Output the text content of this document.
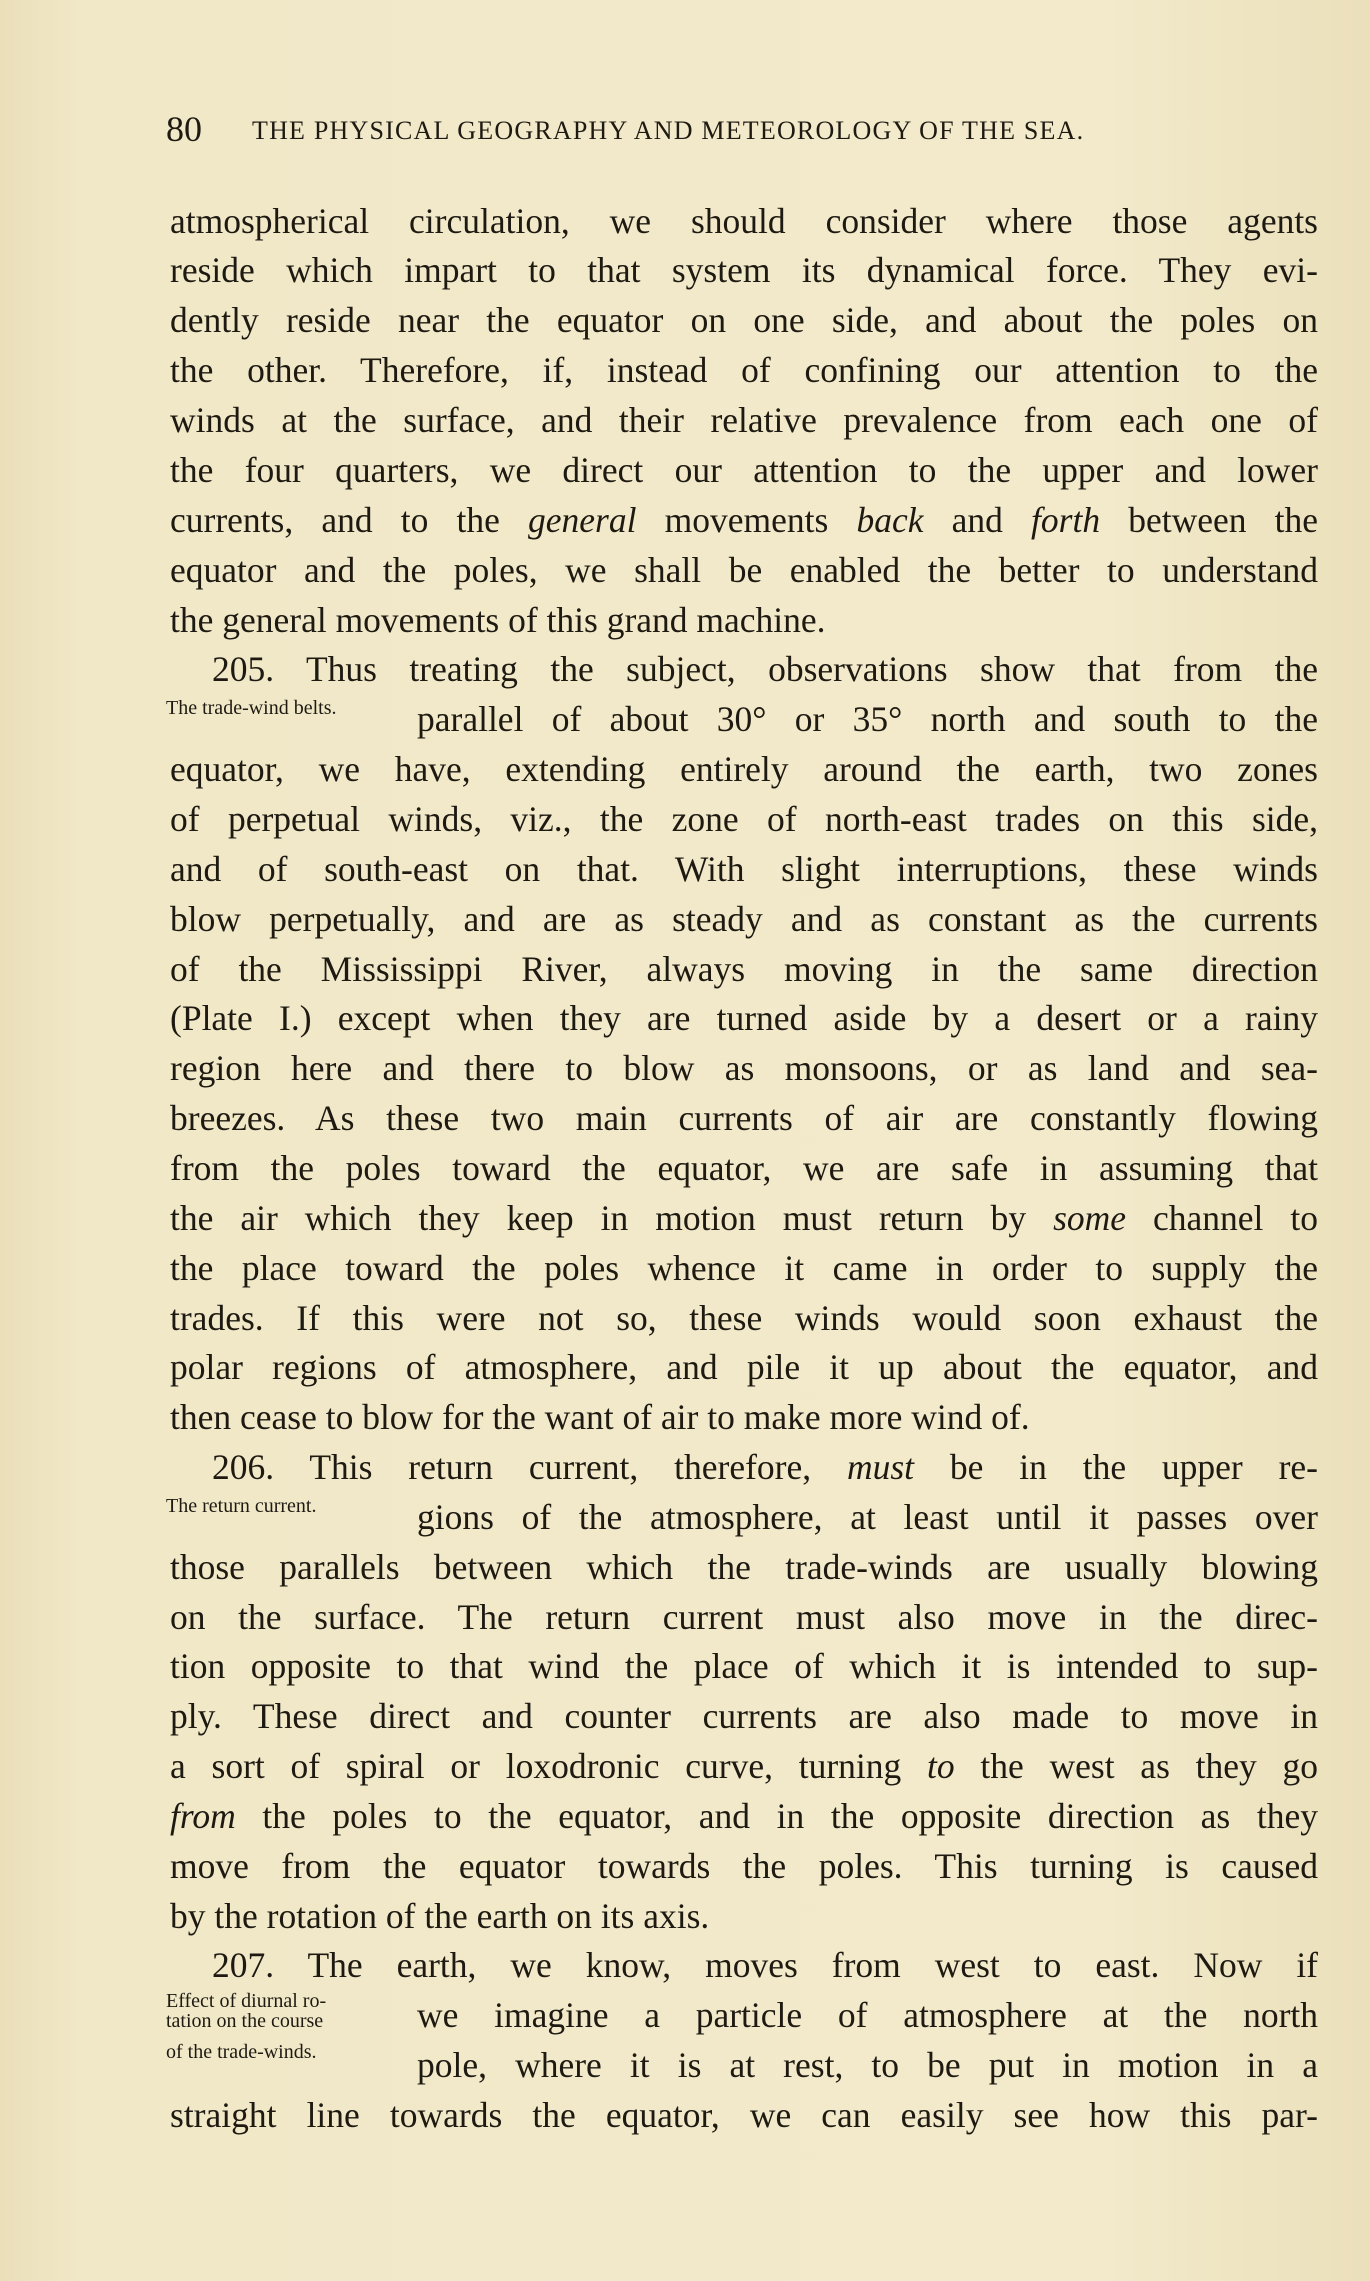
80 THE PHYSICAL GEOGRAPHY AND METEOROLOGY OF THE SEA.
atmospherical circulation, we should consider where those agents
reside which impart to that system its dynamical force. They evi-
dently reside near the equator on one side, and about the poles on
the other. Therefore, if, instead of confining our attention to the
winds at the surface, and their relative prevalence from each one of
the four quarters, we direct our attention to the upper and lower
currents, and to the general movements back and forth between the
equator and the poles, we shall be enabled the better to understand
the general movements of this grand machine.
205. Thus treating the subject, observations show that from the
The trade-wind belts.	parallel of about 30° or 35° north and south to the
equator, we have, extending entirely around the earth, two zones
of perpetual winds, viz., the zone of north-east trades on this side,
and of south-east on that. With slight interruptions, these winds
blow perpetually, and are as steady and as constant as the currents
of the Mississippi River, always moving in the same direction
(Plate I.) except when they are turned aside by a desert or a rainy
region here and there to blow as monsoons, or as land and sea-
breezes. As these two main currents of air are constantly flowing
from the poles toward the equator, we are safe in assuming that
the air which they keep in motion must return by some channel to
the place toward the poles whence it came in order to supply the
trades. If this were not so, these winds would soon exhaust the
polar regions of atmosphere, and pile it up about the equator, and
then cease to blow for the want of air to make more wind of.
206. This return current, therefore, must be in the upper re-
The return current.	gions of the atmosphere, at least until it passes over
those parallels between which the trade-winds are usually blowing
on the surface. The return current must also move in the direc-
tion opposite to that wind the place of which it is intended to sup-
ply. These direct and counter currents are also made to move in
a sort of spiral or loxodronic curve, turning to the west as they go
from the poles to the equator, and in the opposite direction as they
move from the equator towards the poles. This turning is caused
by the rotation of the earth on its axis.
207. The earth, we know, moves from west to east. Now if
Effect of diurnal ro-
tation on the course
of the trade-winds.
we imagine a particle of atmosphere at the north
pole, where it is at rest, to be put in motion in a
straight line towards the equator, we can easily see how this par-
